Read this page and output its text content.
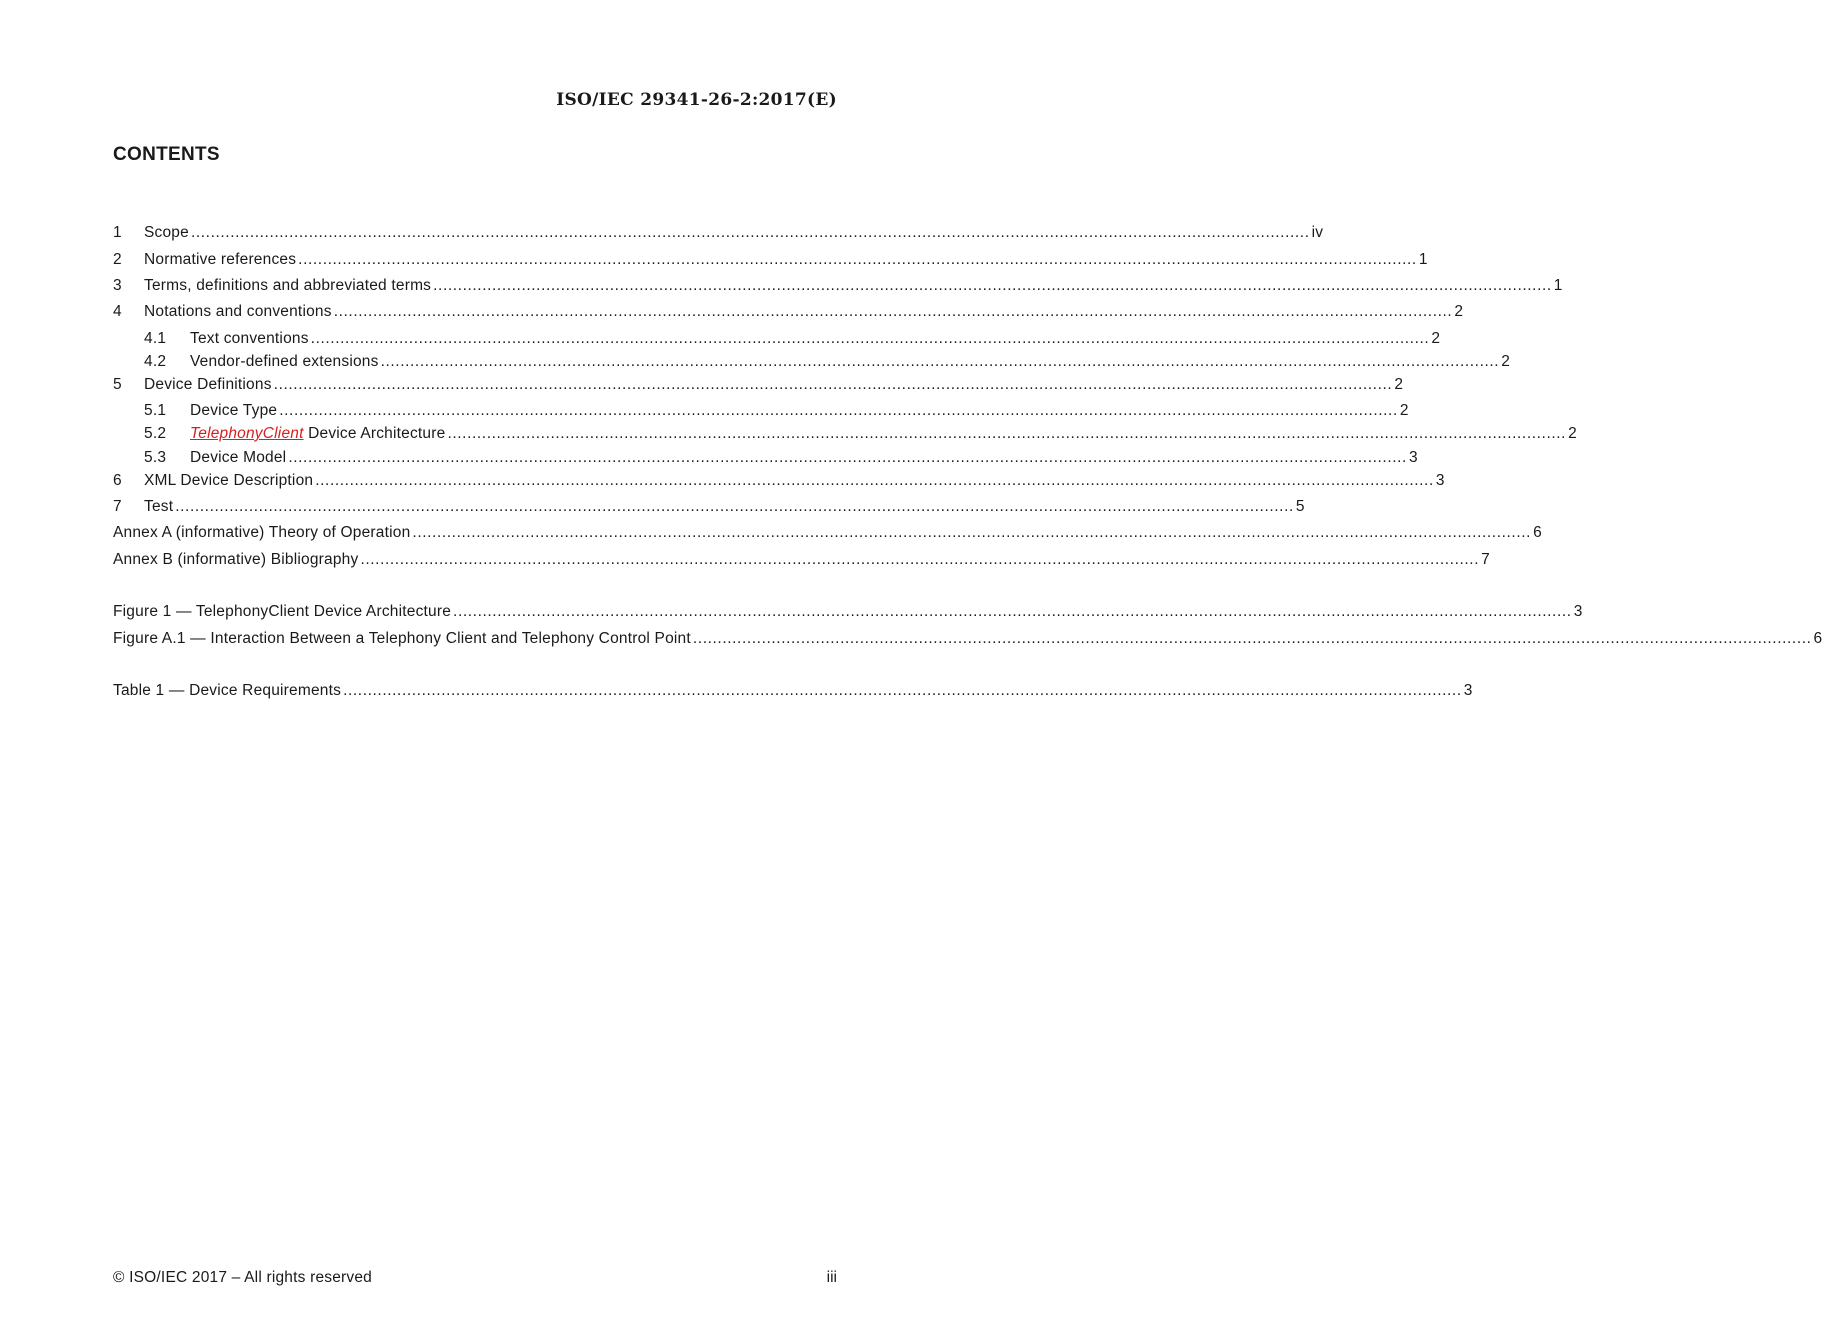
ISO/IEC 29341-26-2:2017(E)
CONTENTS
1	Scope .................................................................................................................................................................................................................................... iv
2	Normative references .................................................................................................................................................................................................................................... 1
3	Terms, definitions and abbreviated terms .................................................................................................................................................................................................................................... 1
4	Notations and conventions .................................................................................................................................................................................................................................... 2
4.1	Text conventions .................................................................................................................................................................................................................................... 2
4.2	Vendor-defined extensions .................................................................................................................................................................................................................................... 2
5	Device Definitions .................................................................................................................................................................................................................................... 2
5.1	Device Type .................................................................................................................................................................................................................................... 2
5.2	TelephonyClient Device Architecture .................................................................................................................................................................................................................................... 2
5.3	Device Model .................................................................................................................................................................................................................................... 3
6	XML Device Description .................................................................................................................................................................................................................................... 3
7	Test .................................................................................................................................................................................................................................... 5
Annex A (informative) Theory of Operation .................................................................................................................................................................................................................................... 6
Annex B (informative) Bibliography .................................................................................................................................................................................................................................... 7
Figure 1 — TelephonyClient Device Architecture .................................................................................................................................................................................................................................... 3
Figure A.1 — Interaction Between a Telephony Client and Telephony Control Point .................................................................................................................................................................................................................................... 6
Table 1 — Device Requirements .................................................................................................................................................................................................................................... 3
© ISO/IEC 2017 – All rights reserved	iii
